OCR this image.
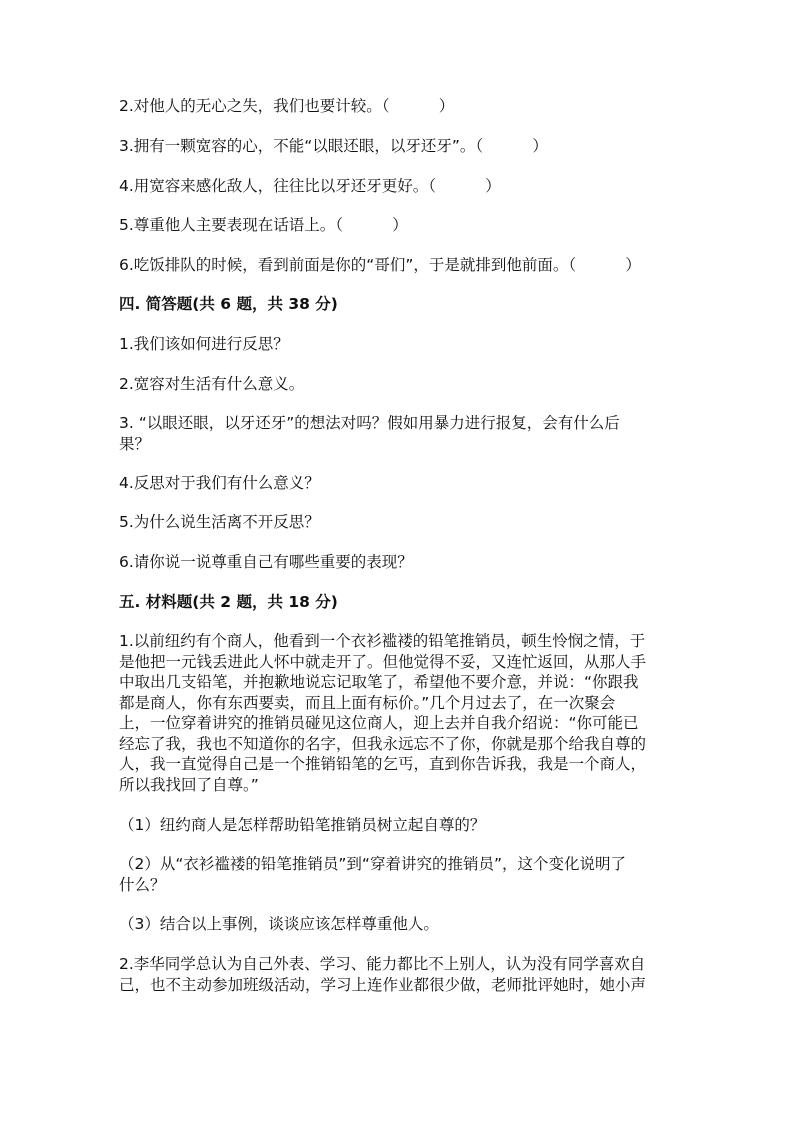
2.对他人的无心之失，我们也要计较。（          ）
3.拥有一颗宽容的心，不能“以眼还眼，以牙还牙”。（          ）
4.用宽容来感化敌人，往往比以牙还牙更好。（          ）
5.尊重他人主要表现在话语上。（          ）
6.吃饭排队的时候，看到前面是你的“哥们”，于是就排到他前面。（          ）
四. 简答题(共 6 题，共 38 分)
1.我们该如何进行反思？
2.宽容对生活有什么意义。
3. “以眼还眼，以牙还牙”的想法对吗？假如用暴力进行报复，会有什么后
果？
4.反思对于我们有什么意义？
5.为什么说生活离不开反思？
6.请你说一说尊重自己有哪些重要的表现？
五. 材料题(共 2 题，共 18 分)
1.以前纽约有个商人，他看到一个衣衫褴褛的铅笔推销员，顿生怜悯之情，于
是他把一元钱丢进此人怀中就走开了。但他觉得不妥，又连忙返回，从那人手
中取出几支铅笔，并抱歉地说忘记取笔了，希望他不要介意，并说：“你跟我
都是商人，你有东西要卖，而且上面有标价。”几个月过去了，在一次聚会
上，一位穿着讲究的推销员碰见这位商人，迎上去并自我介绍说：“你可能已
经忘了我，我也不知道你的名字，但我永远忘不了你，你就是那个给我自尊的
人，我一直觉得自己是一个推销铅笔的乞丐，直到你告诉我，我是一个商人，
所以我找回了自尊。”
（1）纽约商人是怎样帮助铅笔推销员树立起自尊的？
（2）从“衣衫褴褛的铅笔推销员”到“穿着讲究的推销员”，这个变化说明了
什么？
（3）结合以上事例，谈谈应该怎样尊重他人。
2.李华同学总认为自己外表、学习、能力都比不上别人，认为没有同学喜欢自
己，也不主动参加班级活动，学习上连作业都很少做，老师批评她时，她小声
